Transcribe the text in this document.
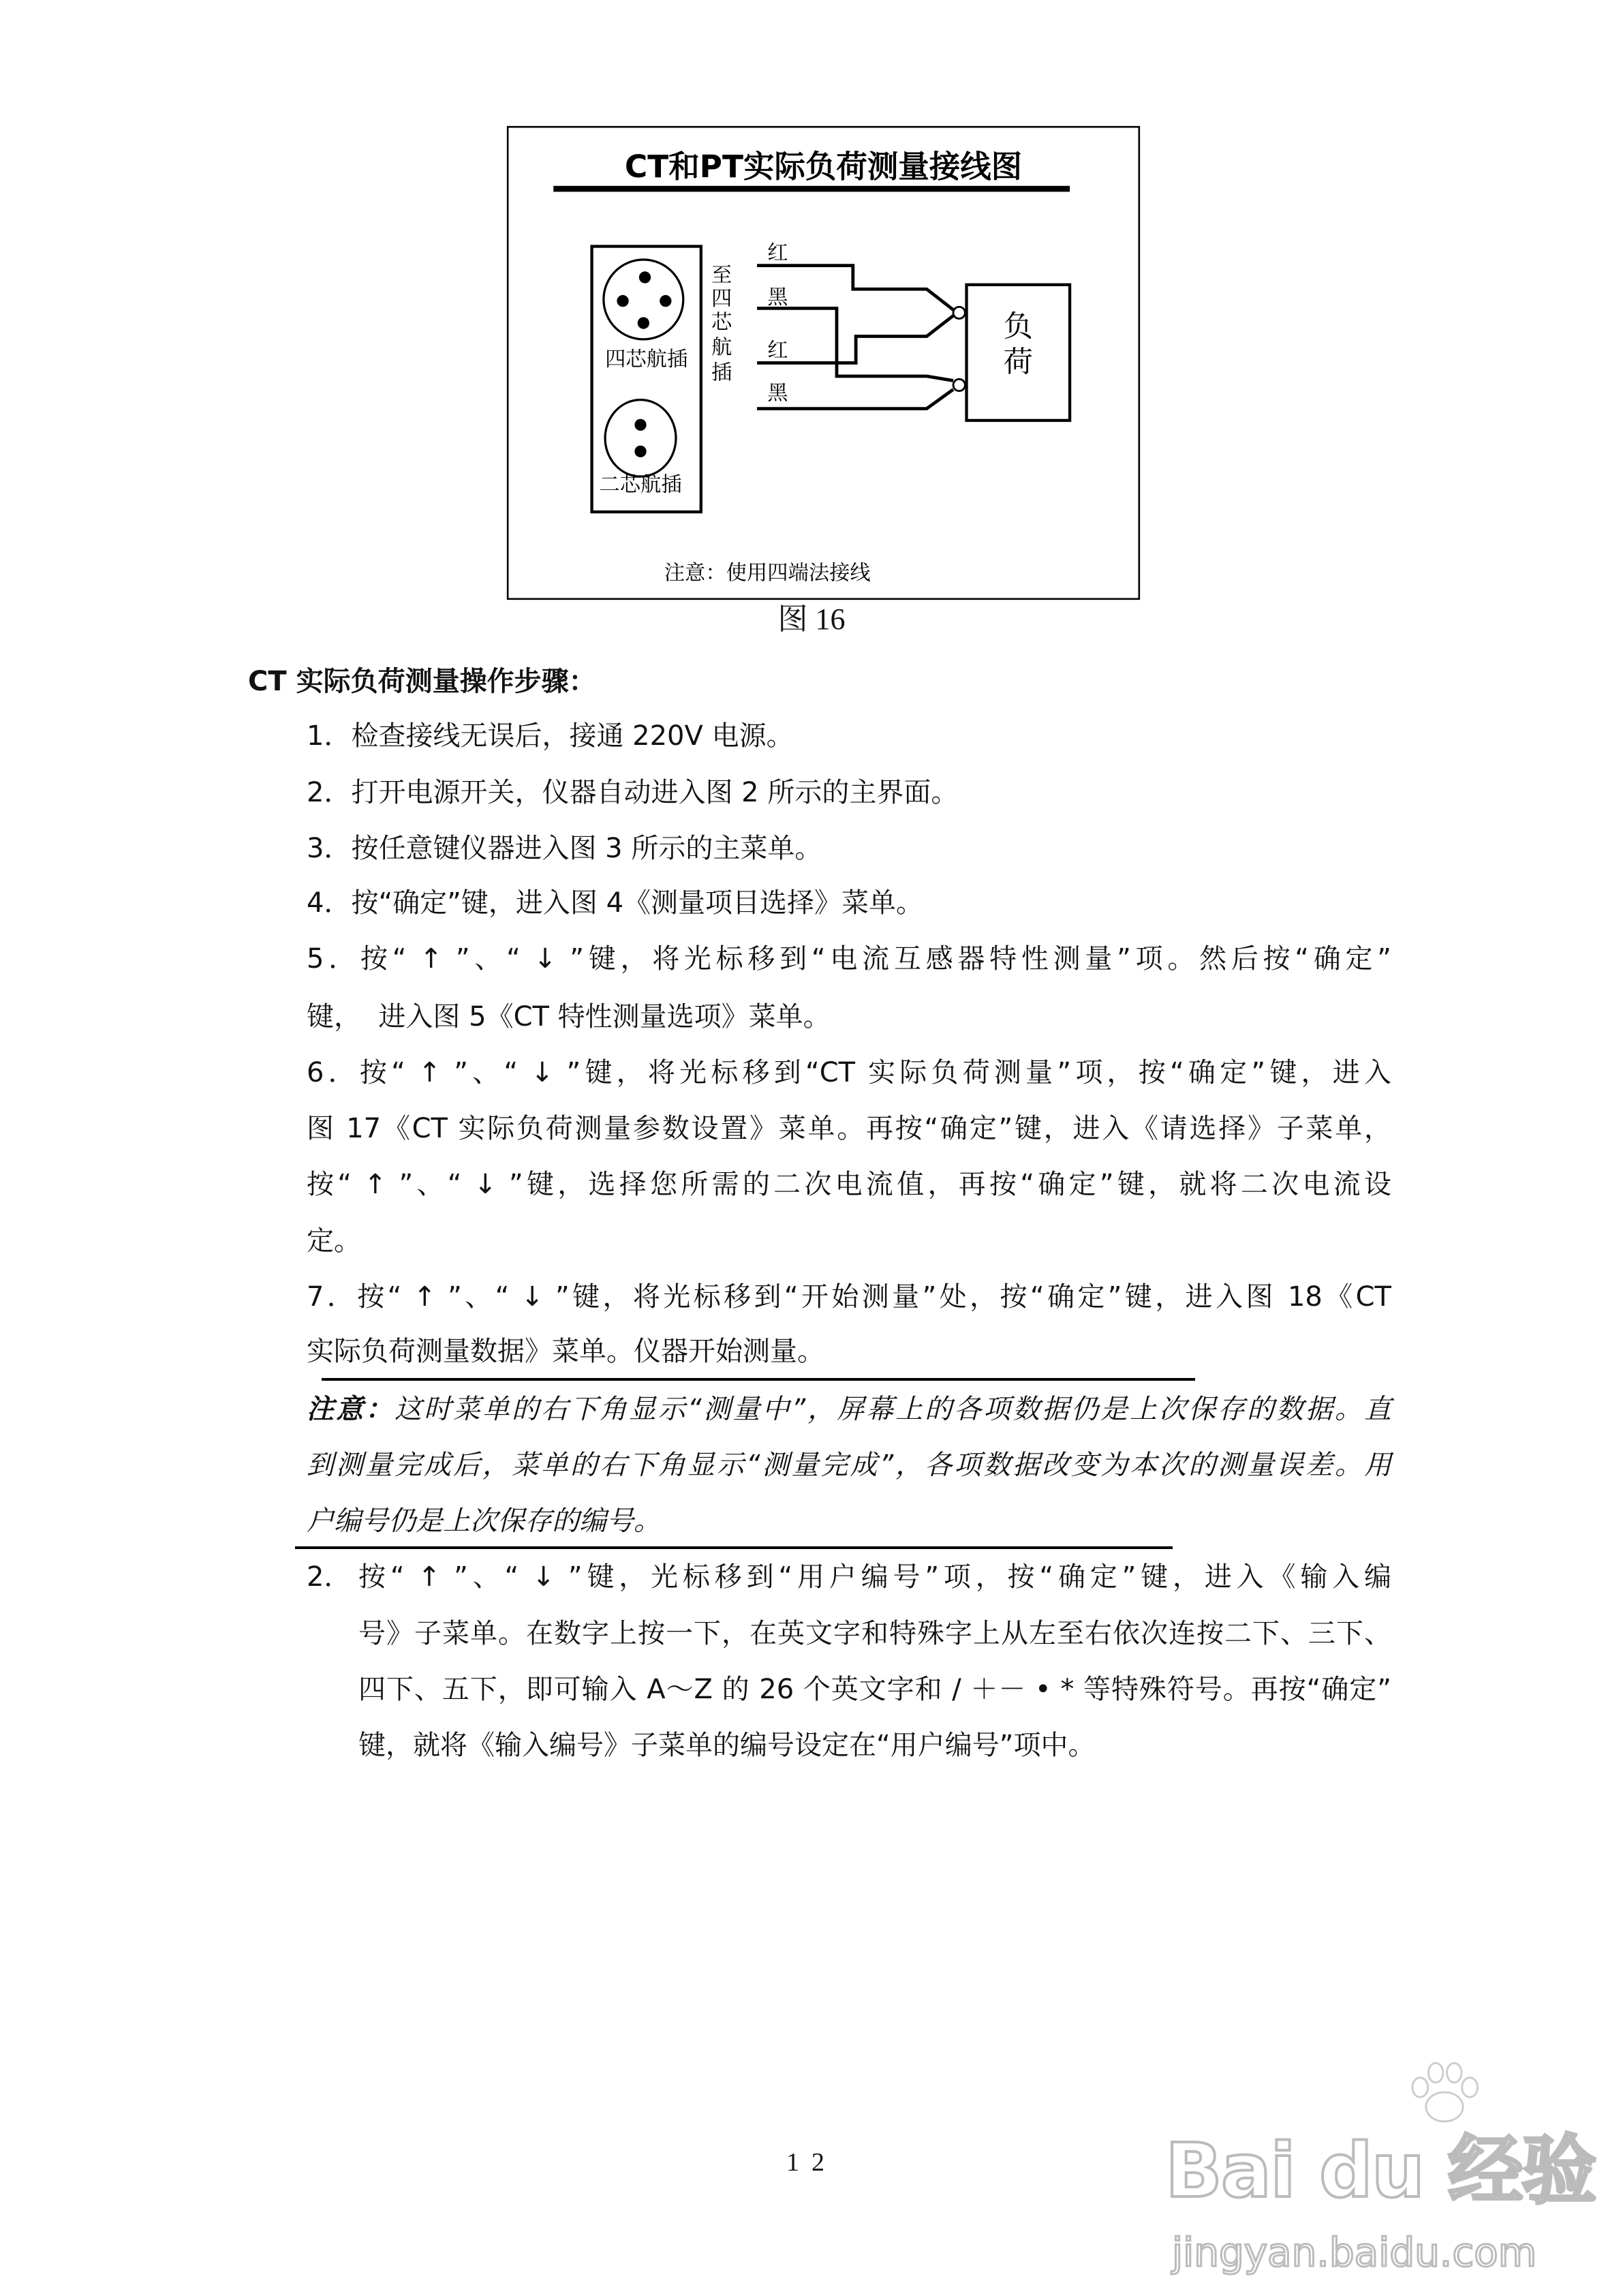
CT和PT实际负荷测量接线图
四芯航插
二芯航插
至
四
芯
航
插
红
黑
红
黑
负
荷
注意：使用四端法接线
图 16
CT 实际负荷测量操作步骤：
1．检查接线无误后，接通 220V 电源。
2．打开电源开关，仪器自动进入图 2 所示的主界面。
3．按任意键仪器进入图 3 所示的主菜单。
4．按“确定”键，进入图 4《测量项目选择》菜单。
5．按“ ↑ ”、“ ↓ ”键，将光标移到“电流互感器特性测量”项。然后按“确定”
键，  进入图 5《CT 特性测量选项》菜单。
6．按“ ↑ ”、“ ↓ ”键，将光标移到“CT 实际负荷测量”项，按“确定”键，进入
图 17《CT 实际负荷测量参数设置》菜单。再按“确定”键，进入《请选择》子菜单，
按“ ↑ ”、“ ↓ ”键，选择您所需的二次电流值，再按“确定”键，就将二次电流设
定。
7．按“ ↑ ”、“ ↓ ”键，将光标移到“开始测量”处，按“确定”键，进入图 18《CT
实际负荷测量数据》菜单。仪器开始测量。
注意：这时菜单的右下角显示“测量中”，屏幕上的各项数据仍是上次保存的数据。直
到测量完成后，菜单的右下角显示“测量完成”，各项数据改变为本次的测量误差。用
户编号仍是上次保存的编号。
2． 按“ ↑ ”、“ ↓ ”键，光标移到“用户编号”项，按“确定”键，进入《输入编
号》子菜单。在数字上按一下，在英文字和特殊字上从左至右依次连按二下、三下、
四下、五下，即可输入 A～Z 的 26 个英文字和 / ＋－ • * 等特殊符号。再按“确定”
键，就将《输入编号》子菜单的编号设定在“用户编号”项中。
12	Bai du 经验
jingyan.baidu.com
